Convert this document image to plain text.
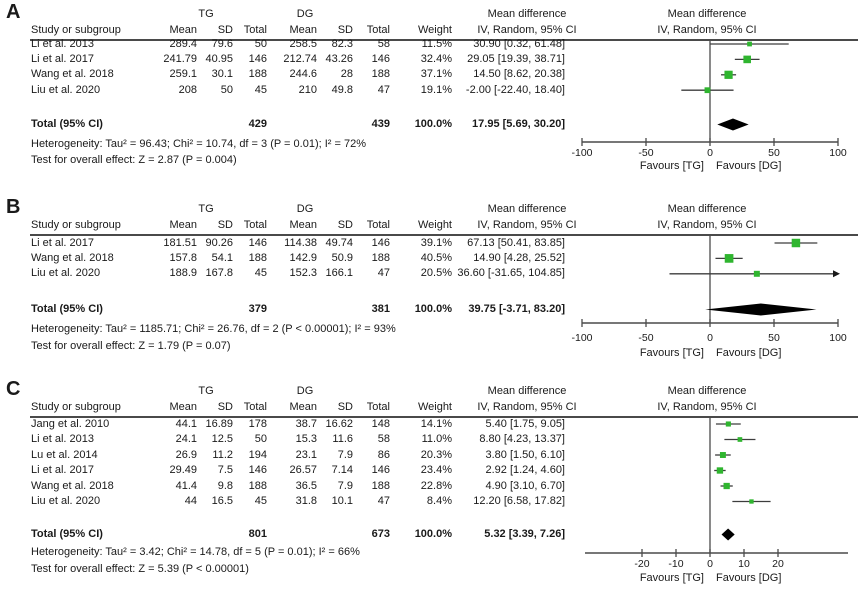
A	TG	DG	Mean difference	Mean difference
Study or subgroup	Mean	SD Total	Mean	SD	Total	Weight	IV, Random, 95% CI	IV, Random, 95% CI
Total (95% CI)	429	439	100.0%	17.95 [5.69, 30.20]
Heterogeneity: Tau² = 96.43; Chi² = 10.74, df = 3 (P = 0.01); I² = 72%
Test for overall effect: Z = 2.87 (P = 0.004)
Li et al. 2013	289.4	79.6	50	258.5	82.3	58	11.5%	30.90 [0.32, 61.48]
Li et al. 2017	241.79 40.95	146	212.74 43.26	146	32.4%	29.05 [19.39, 38.71]
Wang et al. 2018	259.1	30.1	188	244.6	28	188	37.1%	14.50 [8.62, 20.38]
Liu et al. 2020	208	50	45	210	49.8	47	19.1%	-2.00 [-22.40, 18.40]
-100	-50	0	50	100
Favours [TG] Favours [DG]
B	TG	DG	Mean difference	Mean difference
Study or subgroup	Mean	SD Total	Mean	SD	Total	Weight	IV, Random, 95% CI	IV, Random, 95% CI
Total (95% CI)	379	381	100.0%	39.75 [-3.71, 83.20]
Heterogeneity: Tau² = 1185.71; Chi² = 26.76, df = 2 (P < 0.00001); I² = 93%
Test for overall effect: Z = 1.79 (P = 0.07)
Li et al. 2017	181.51 90.26	146	114.38 49.74	146	39.1%	67.13 [50.41, 83.85]
Wang et al. 2018	157.8	54.1	188	142.9	50.9	188	40.5%	14.90 [4.28, 25.52]
Liu et al. 2020	188.9 167.8	45	152.3 166.1	47	20.5% 36.60 [-31.65, 104.85]
-100	-50	0	50	100
Favours [TG] Favours [DG]
C	TG	DG	Mean difference	Mean difference
Study or subgroup	Mean	SD Total	Mean	SD	Total	Weight	IV, Random, 95% CI	IV, Random, 95% CI
Total (95% CI)	801	673	100.0%	5.32 [3.39, 7.26]
Heterogeneity: Tau² = 3.42; Chi² = 14.78, df = 5 (P = 0.01); I² = 66%
Test for overall effect: Z = 5.39 (P < 0.00001)
Jang et al. 2010	44.1 16.89	178	38.7 16.62	148	14.1%	5.40 [1.75, 9.05]
Li et al. 2013	24.1	12.5	50	15.3	11.6	58	11.0%	8.80 [4.23, 13.37]
Lu et al. 2014	26.9	11.2	194	23.1	7.9	86	20.3%	3.80 [1.50, 6.10]
Li et al. 2017	29.49	7.5	146	26.57	7.14	146	23.4%	2.92 [1.24, 4.60]
Wang et al. 2018	41.4	9.8	188	36.5	7.9	188	22.8%	4.90 [3.10, 6.70]
Liu et al. 2020	44	16.5	45	31.8	10.1	47	8.4%	12.20 [6.58, 17.82]
-20 -10 0 10 20
Favours [TG] Favours [DG]
